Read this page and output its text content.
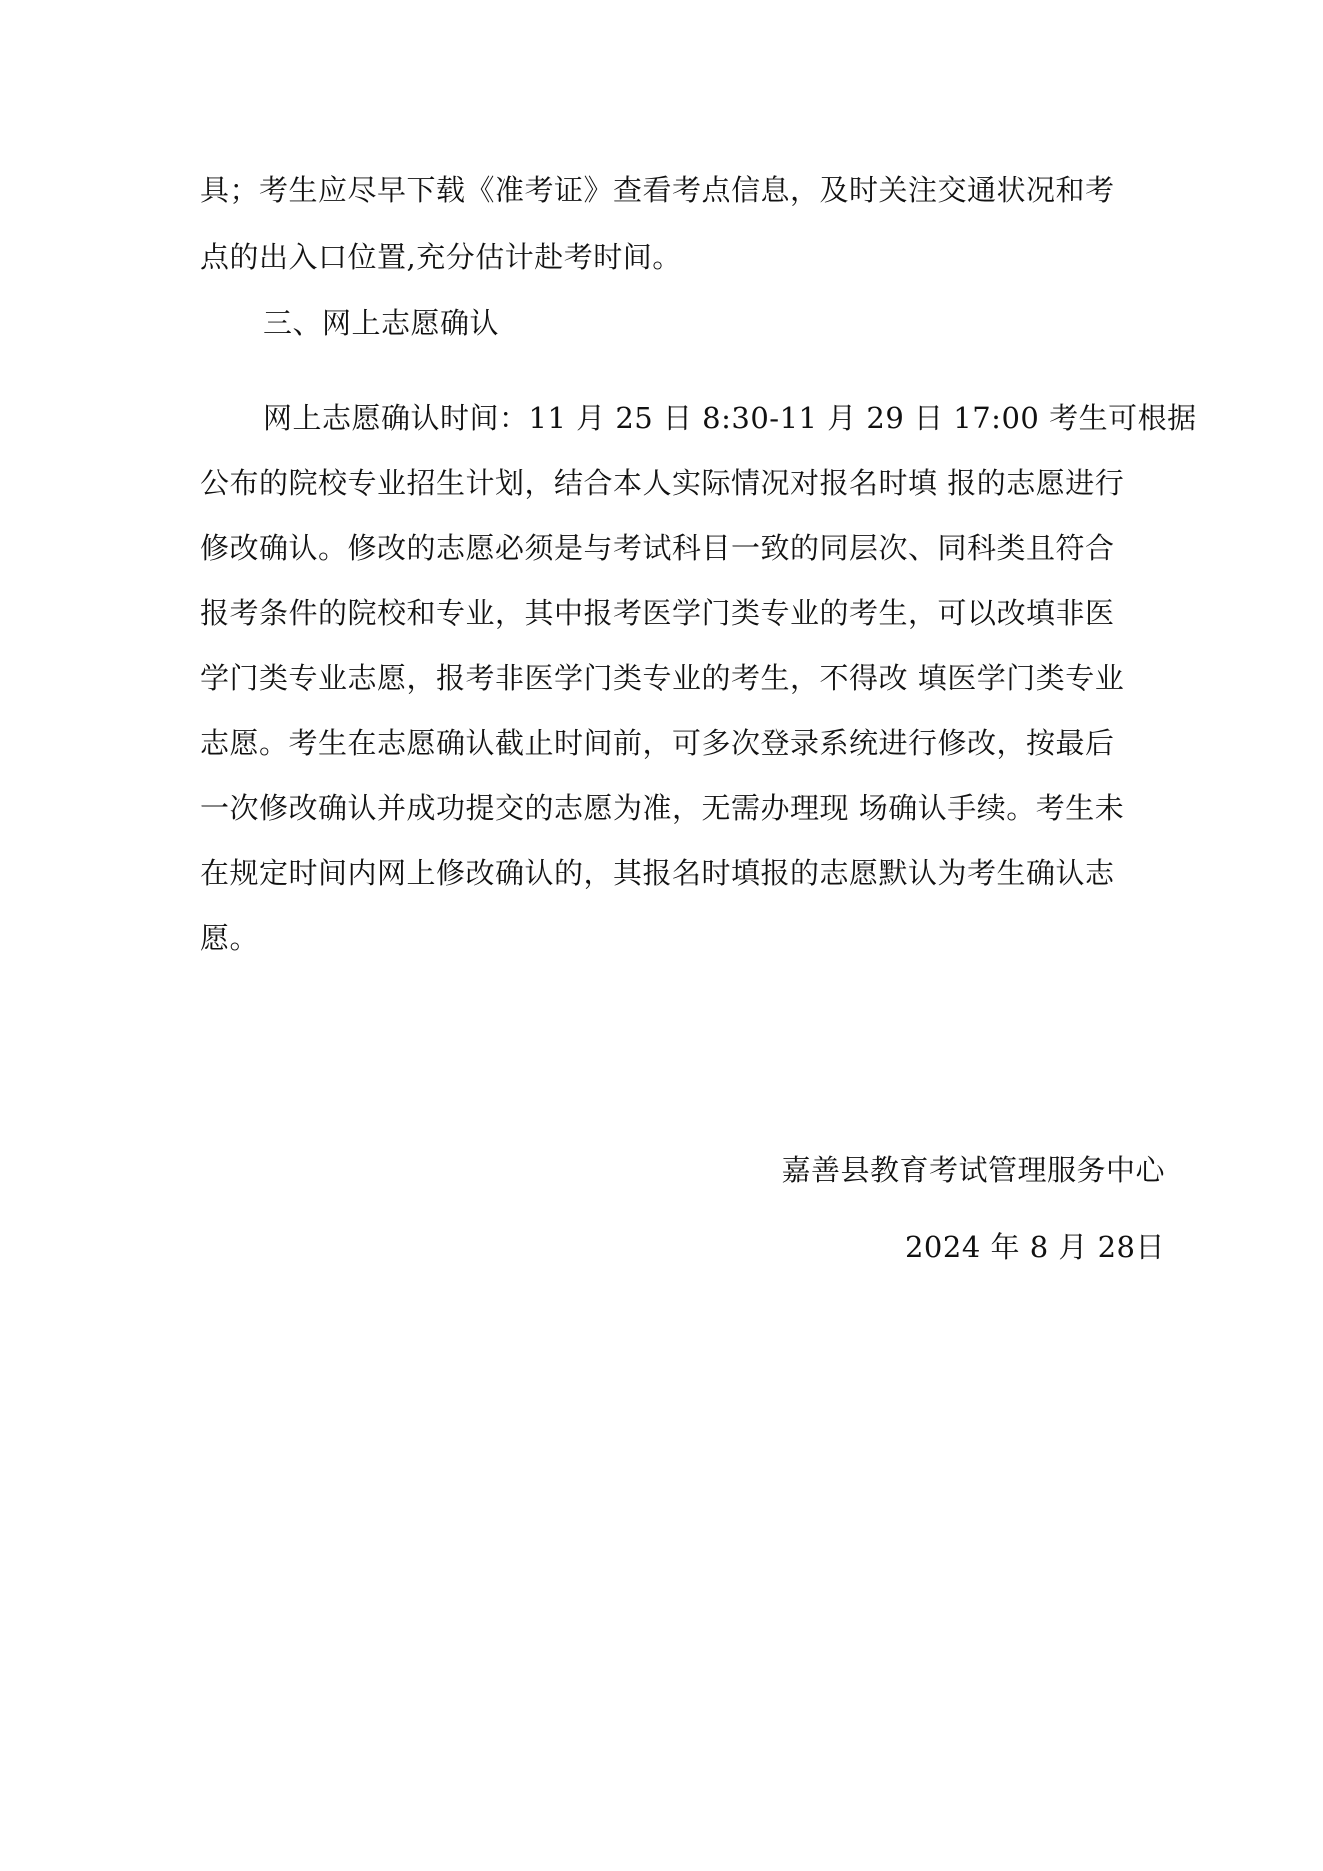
具；考生应尽早下载《准考证》查看考点信息，及时关注交通状况和考
点的出入口位置,充分估计赴考时间。
三、网上志愿确认
网上志愿确认时间：11 月 25 日 8:30-11 月 29 日 17:00 考生可根据
公布的院校专业招生计划，结合本人实际情况对报名时填 报的志愿进行
修改确认。修改的志愿必须是与考试科目一致的同层次、同科类且符合
报考条件的院校和专业，其中报考医学门类专业的考生，可以改填非医
学门类专业志愿，报考非医学门类专业的考生，不得改 填医学门类专业
志愿。考生在志愿确认截止时间前，可多次登录系统进行修改，按最后
一次修改确认并成功提交的志愿为准，无需办理现 场确认手续。考生未
在规定时间内网上修改确认的，其报名时填报的志愿默认为考生确认志
愿。
嘉善县教育考试管理服务中心
2024 年 8 月 28日
